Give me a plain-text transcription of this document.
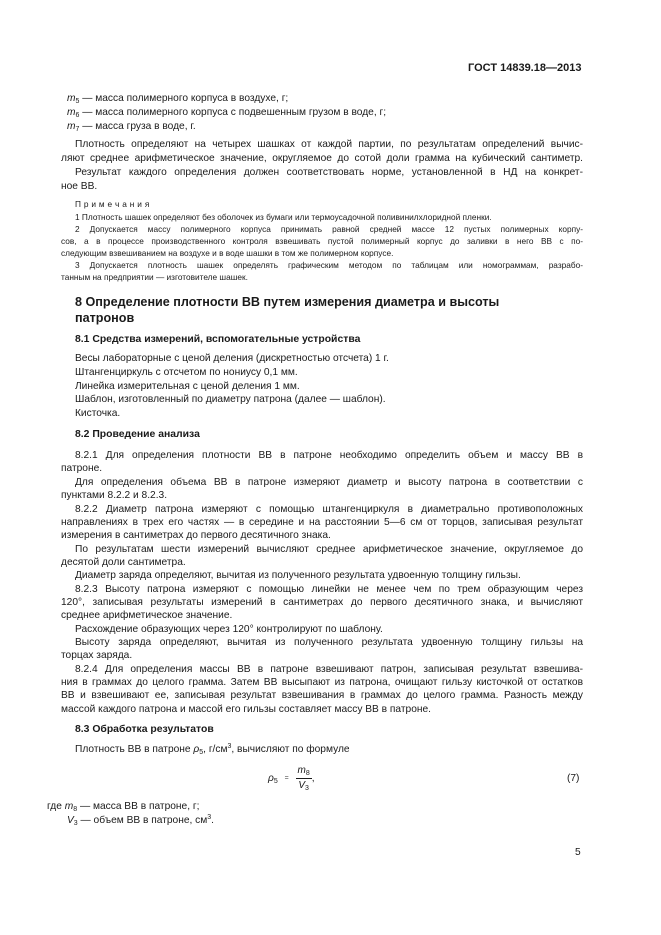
ГОСТ 14839.18—2013
$m_5$ — масса полимерного корпуса в воздухе, г;
$m_6$ — масса полимерного корпуса с подвешенным грузом в воде, г;
$m_7$ — масса груза в воде, г.
Плотность определяют на четырех шашках от каждой партии, по результатам определений вычис-
ляют среднее арифметическое значение, округляемое до сотой доли грамма на кубический сантиметр.
Результат каждого определения должен соответствовать норме, установленной в НД на конкрет-
ное ВВ.
П р и м е ч а н и я
1 Плотность шашек определяют без оболочек из бумаги или термоусадочной поливинилхлоридной пленки.
2 Допускается массу полимерного корпуса принимать равной средней массе 12 пустых полимерных корпу-
сов, а в процессе производственного контроля взвешивать пустой полимерный корпус до заливки в него ВВ с по-
следующим взвешиванием на воздухе и в воде шашки в том же полимерном корпусе.
3 Допускается плотность шашек определять графическим методом по таблицам или номограммам, разрабо-
танным на предприятии — изготовителе шашек.
8 Определение плотности ВВ путем измерения диаметра и высоты
патронов
8.1 Средства измерений, вспомогательные устройства
Весы лабораторные с ценой деления (дискретностью отсчета) 1 г.
Штангенциркуль с отсчетом по нониусу 0,1 мм.
Линейка измерительная с ценой деления 1 мм.
Шаблон, изготовленный по диаметру патрона (далее — шаблон).
Кисточка.
8.2 Проведение анализа
8.2.1 Для определения плотности ВВ в патроне необходимо определить объем и массу ВВ в
патроне.
Для определения объема ВВ в патроне измеряют диаметр и высоту патрона в соответствии с
пунктами 8.2.2 и 8.2.3.
8.2.2 Диаметр патрона измеряют с помощью штангенциркуля в диаметрально противоположных
направлениях в трех его частях — в середине и на расстоянии 5—6 см от торцов, записывая результат
измерения в сантиметрах до первого десятичного знака.
По результатам шести измерений вычисляют среднее арифметическое значение, округляемое до
десятой доли сантиметра.
Диаметр заряда определяют, вычитая из полученного результата удвоенную толщину гильзы.
8.2.3 Высоту патрона измеряют с помощью линейки не менее чем по трем образующим через
120°, записывая результаты измерений в сантиметрах до первого десятичного знака, и вычисляют
среднее арифметическое значение.
Расхождение образующих через 120° контролируют по шаблону.
Высоту заряда определяют, вычитая из полученного результата удвоенную толщину гильзы на
торцах заряда.
8.2.4 Для определения массы ВВ в патроне взвешивают патрон, записывая результат взвешива-
ния в граммах до целого грамма. Затем ВВ высыпают из патрона, очищают гильзу кисточкой от остатков
ВВ и взвешивают ее, записывая результат взвешивания в граммах до целого грамма. Разность между
массой каждого патрона и массой его гильзы составляет массу ВВ в патроне.
8.3 Обработка результатов
Плотность ВВ в патроне $\rho_5$, $г/см^3$, вычисляют по формуле
$\rho_5 = \frac{m_8}{V_3}$ ,	(7)
где $m_8$ — масса ВВ в патроне, г;
$V_3$ — объем ВВ в патроне, $см^3$.
5
